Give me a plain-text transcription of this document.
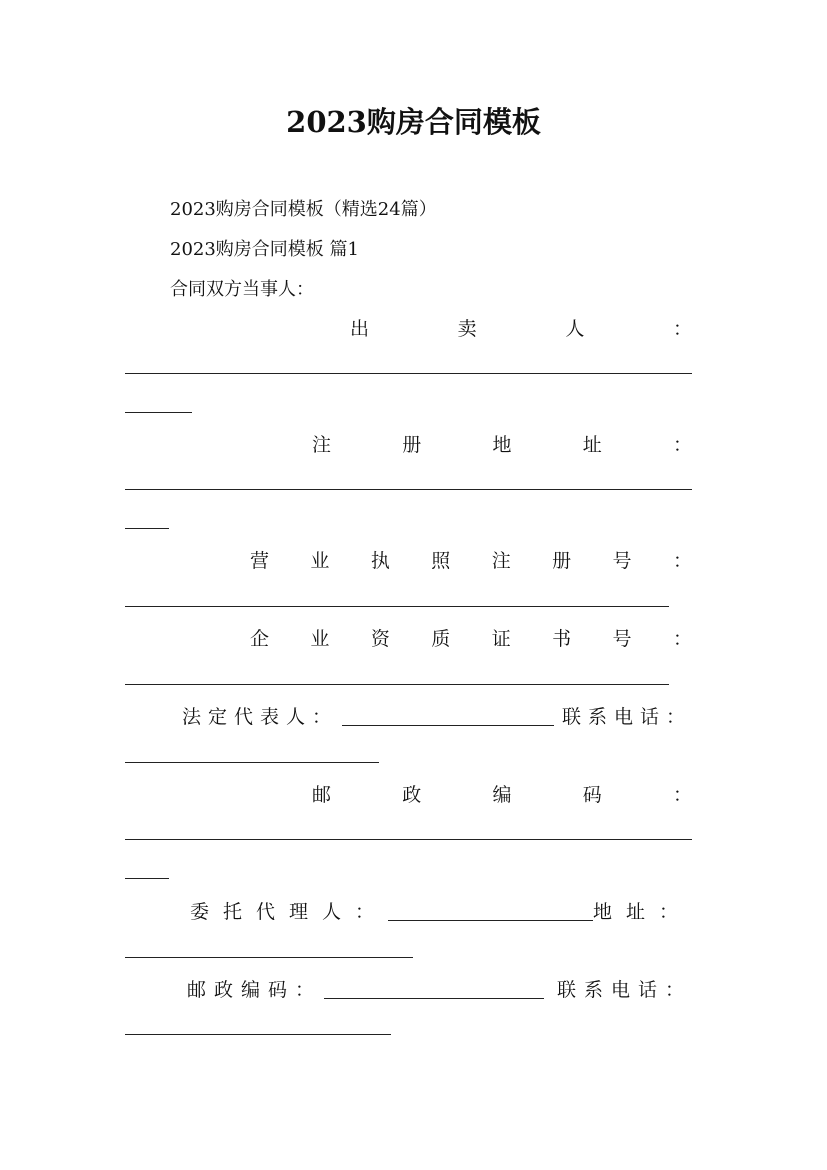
2023购房合同模板
2023购房合同模板（精选24篇）
2023购房合同模板 篇1
合同双方当事人：
出	卖	人	：
注	册	地	址	：
营 业 执 照 注 册 号 ：
企 业 资 质 证 书 号 ：
法定代表人：	联系电话：
邮	政	编	码	：
委托代理人：	地址：
邮政编码：	联系电话：
